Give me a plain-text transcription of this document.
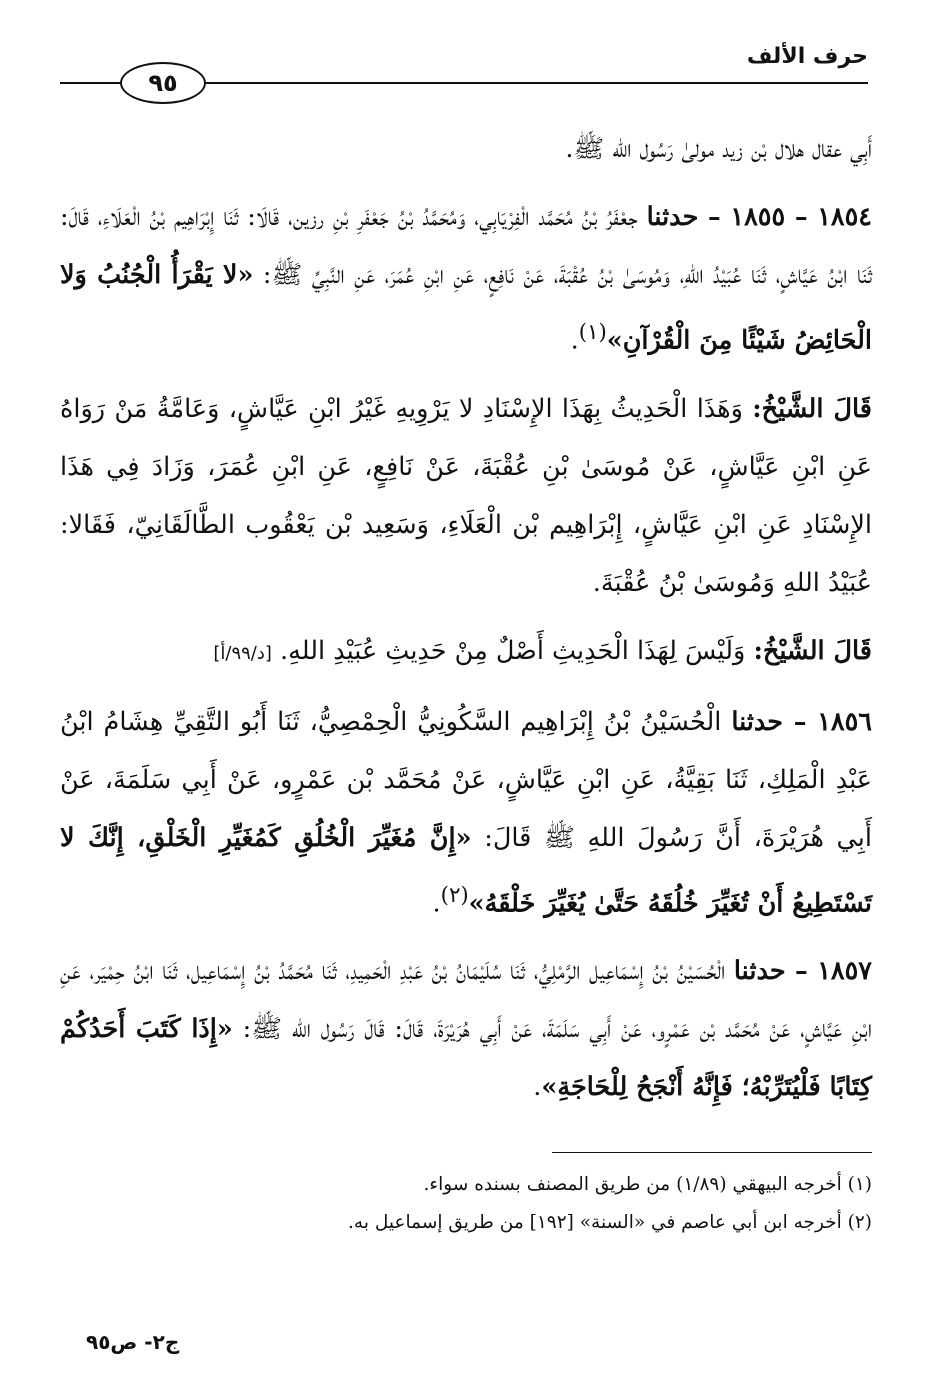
حرف الألف
٩٥

أَبِي عقال هلال بْن زيد مولىٰ رَسُول الله ﷺ.

١٨٥٤ – ١٨٥٥ – حدثنا جعْفَرُ بْنُ مُحَمَّد الْفِرْيَابِي، وَمُحَمَّدُ بْنُ جَعْفَرِ بْنِ رزين، قَالَا: ثَنَا إِبْرَاهِيم بْنُ الْعَلَاءِ، قَالَ: ثَنَا ابْنُ عَيَّاشٍ، ثَنَا عُبَيْدُ اللهِ، وَمُوسَىٰ بْنُ عُقْبَةَ، عَنْ نَافِعٍ، عَنِ ابْنِ عُمَرَ، عَنِ النَّبِيِّ ﷺ: «لا يَقْرَأُ الْجُنُبُ وَلا الْحَائِضُ شَيْئًا مِنَ الْقُرْآنِ»$^{(١)}$.

قَالَ الشَّيْخُ: وَهَذَا الْحَدِيثُ بِهَذَا الإِسْنَادِ لا يَرْوِيهِ غَيْرُ ابْنِ عَيَّاشٍ، وَعَامَّةُ مَنْ رَوَاهُ عَنِ ابْنِ عَيَّاشٍ، عَنْ مُوسَىٰ بْنِ عُقْبَةَ، عَنْ نَافِعٍ، عَنِ ابْنِ عُمَرَ، وَزَادَ فِي هَذَا الإِسْنَادِ عَنِ ابْنِ عَيَّاشٍ، إِبْرَاهِيم بْن الْعَلَاءِ، وَسَعِيد بْن يَعْقُوب الطَّالَقَانِيّ، فَقَالا: عُبَيْدُ اللهِ وَمُوسَىٰ بْنُ عُقْبَةَ.

قَالَ الشَّيْخُ: وَلَيْسَ لِهَذَا الْحَدِيثِ أَصْلٌ مِنْ حَدِيثِ عُبَيْدِ اللهِ. [د/٩٩/أ]

١٨٥٦ – حدثنا الْحُسَيْنُ بْنُ إِبْرَاهِيم السَّكُونِيُّ الْحِمْصِيُّ، ثَنَا أَبُو التَّقِيِّ هِشَامُ ابْنُ عَبْدِ الْمَلِكِ، ثَنَا بَقِيَّةُ، عَنِ ابْنِ عَيَّاشٍ، عَنْ مُحَمَّد بْن عَمْرٍو، عَنْ أَبِي سَلَمَةَ، عَنْ أَبِي هُرَيْرَةَ، أَنَّ رَسُولَ اللهِ ﷺ قَالَ: «إِنَّ مُغَيِّرَ الْخُلُقِ كَمُغَيِّرِ الْخَلْقِ، إِنَّكَ لا تَسْتَطِيعُ أَنْ تُغَيِّرَ خُلُقَهُ حَتَّىٰ يُغَيِّرَ خَلْقَهُ»$^{(٢)}$.

١٨٥٧ – حدثنا الْحُسَيْنُ بْنُ إِسْمَاعِيل الرَّمْلِيُّ، ثَنَا سُلَيْمَانُ بْنُ عَبْدِ الْحَمِيدِ، ثَنَا مُحَمَّدُ بْنُ إِسْمَاعِيل، ثَنَا ابْنُ حِمْيَر، عَنِ ابْنِ عَيَّاشٍ، عَنْ مُحَمَّد بْن عَمْرٍو، عَنْ أَبِي سَلَمَةَ، عَنْ أَبِي هُرَيْرَةَ، قَالَ: قَالَ رَسُول الله ﷺ: «إِذَا كَتَبَ أَحَدُكُمْ كِتَابًا فَلْيُتَرِّبْهُ؛ فَإِنَّهُ أَنْجَحُ لِلْحَاجَةِ».

(١) أخرجه البيهقي (١/٨٩) من طريق المصنف بسنده سواء.
(٢) أخرجه ابن أبي عاصم في «السنة» [١٩٢] من طريق إسماعيل به.
ج٢- ص٩٥
